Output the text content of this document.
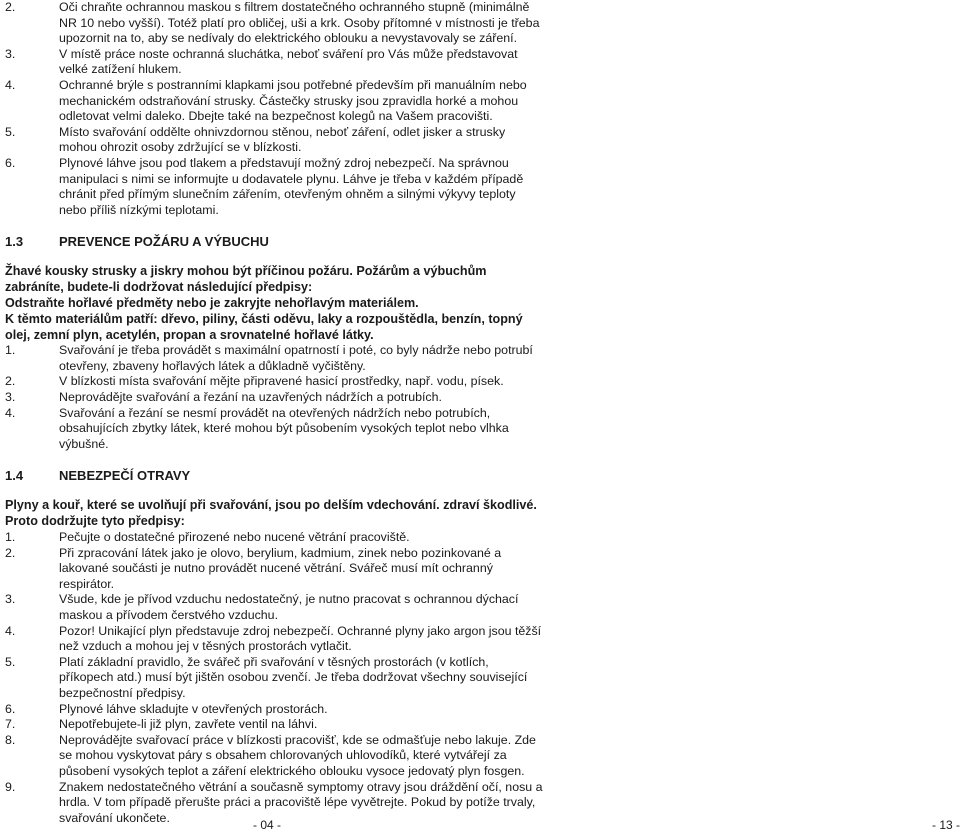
2.	Oči chraňte ochrannou maskou s filtrem dostatečného ochranného stupně (minimálně NR 10 nebo vyšší). Totéž platí pro obličej, uši a krk. Osoby přítomné v místnosti je třeba upozornit na to, aby se nedívaly do elektrického oblouku a nevystavovaly se záření.
3.	V místě práce noste ochranná sluchátka, neboť sváření pro Vás může představovat velké zatížení hlukem.
4.	Ochranné brýle s postranními klapkami jsou potřebné především při manuálním nebo mechanickém odstraňování strusky. Částečky strusky jsou zpravidla horké a mohou odletovat velmi daleko. Dbejte také na bezpečnost kolegů na Vašem pracovišti.
5.	Místo svařování oddělte ohnivzdornou stěnou, neboť záření, odlet jisker a strusky mohou ohrozit osoby zdržující se v blízkosti.
6.	Plynové láhve jsou pod tlakem a představují možný zdroj nebezpečí. Na správnou manipulaci s nimi se informujte u dodavatele plynu. Láhve je třeba v každém případě chránit před přímým slunečním zářením, otevřeným ohněm a silnými výkyvy teploty nebo příliš nízkými teplotami.
1.3	PREVENCE POŽÁRU A VÝBUCHU
Žhavé kousky strusky a jiskry mohou být příčinou požáru. Požárům a výbuchům zabráníte, budete-li dodržovat následující předpisy:
Odstraňte hořlavé předměty nebo je zakryjte nehořlavým materiálem.
K těmto materiálům patří: dřevo, piliny, části oděvu, laky a rozpouštědla, benzín, topný olej, zemní plyn, acetylén, propan a srovnatelné hořlavé látky.
1.	Svařování je třeba provádět s maximální opatrností i poté, co byly nádrže nebo potrubí otevřeny, zbaveny hořlavých látek a důkladně vyčištěny.
2.	V blízkosti místa svařování mějte připravené hasicí prostředky, např. vodu, písek.
3.	Neprovádějte svařování a řezání na uzavřených nádržích a potrubích.
4.	Svařování a řezání se nesmí provádět na otevřených nádržích nebo potrubích, obsahujících zbytky látek, které mohou být působením vysokých teplot nebo vlhka výbušné.
1.4	NEBEZPEČÍ OTRAVY
Plyny a kouř, které se uvolňují při svařování, jsou po delším vdechování. zdraví škodlivé.
Proto dodržujte tyto předpisy:
1.	Pečujte o dostatečné přirozené nebo nucené větrání pracoviště.
2.	Při zpracování látek jako je olovo, berylium, kadmium, zinek nebo pozinkované a lakované součásti je nutno provádět nucené větrání. Svářeč musí mít ochranný respirátor.
3.	Všude, kde je přívod vzduchu nedostatečný, je nutno pracovat s ochrannou dýchací maskou a přívodem čerstvého vzduchu.
4.	Pozor! Unikající plyn představuje zdroj nebezpečí. Ochranné plyny jako argon jsou těžší než vzduch a mohou jej v těsných prostorách vytlačit.
5.	Platí základní pravidlo, že svářeč při svařování v těsných prostorách (v kotlích, příkopech atd.) musí být jištěn osobou zvenčí. Je třeba dodržovat všechny související bezpečnostní předpisy.
6.	Plynové láhve skladujte v otevřených prostorách.
7.	Nepotřebujete-li již plyn, zavřete ventil na láhvi.
8.	Neprovádějte svařovací práce v blízkosti pracovišť, kde se odmašťuje nebo lakuje. Zde se mohou vyskytovat páry s obsahem chlorovaných uhlovodíků, které vytvářejí za působení vysokých teplot a záření elektrického oblouku vysoce jedovatý plyn fosgen.
9.	Znakem nedostatečného větrání a současně symptomy otravy jsou dráždění očí, nosu a hrdla. V tom případě přerušte práci a pracoviště lépe vyvětrejte. Pokud by potíže trvaly, svařování ukončete.
- 04 -	- 13 -
